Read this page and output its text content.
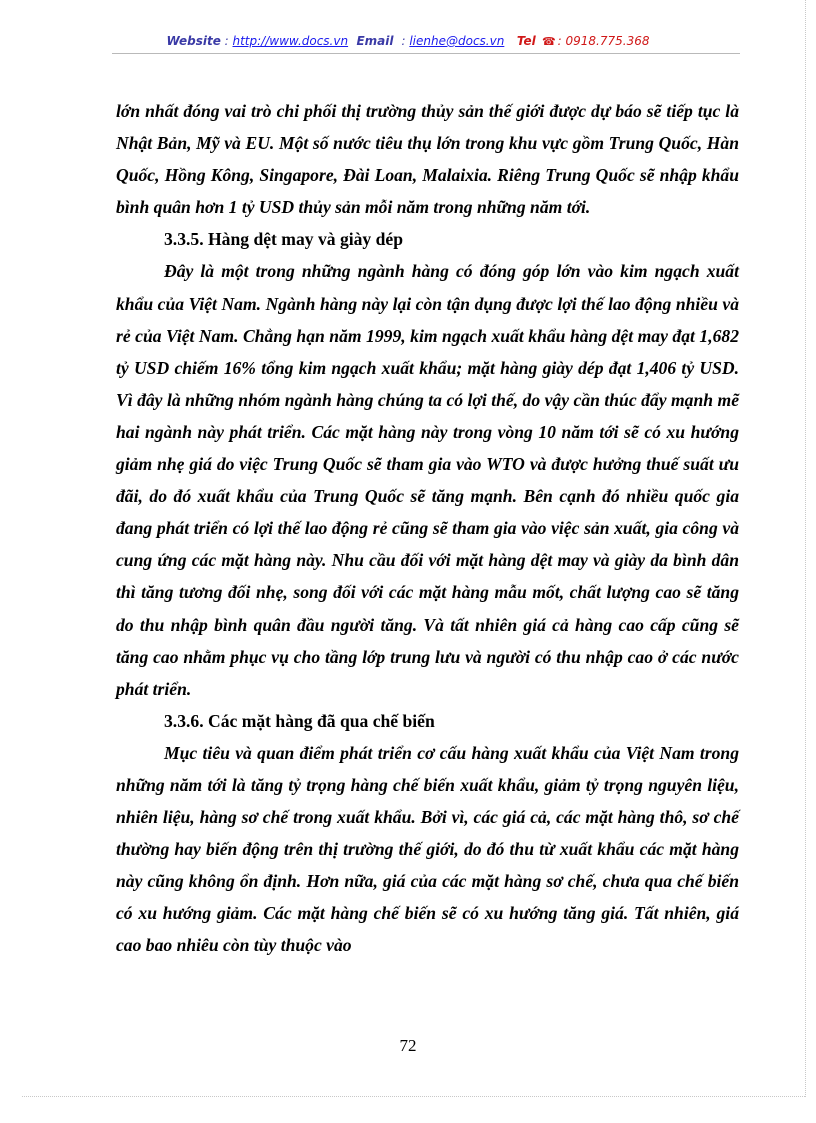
Website : http://www.docs.vn Email  : lienhe@docs.vn Tel ☎ : 0918.775.368

lớn nhất đóng vai trò chi phối thị trường thủy sản thế giới được dự báo sẽ tiếp tục là Nhật Bản, Mỹ và EU. Một số nước tiêu thụ lớn trong khu vực gồm Trung Quốc, Hàn Quốc, Hồng Kông, Singapore, Đài Loan, Malaixia. Riêng Trung Quốc sẽ nhập khẩu bình quân hơn 1 tỷ USD thủy sản mỗi năm trong những năm tới.

3.3.5. Hàng dệt may và giày dép

Đây là một trong những ngành hàng có đóng góp lớn vào kim ngạch xuất khẩu của Việt Nam. Ngành hàng này lại còn tận dụng được lợi thế lao động nhiều và rẻ của Việt Nam. Chẳng hạn năm 1999, kim ngạch xuất khẩu hàng dệt may đạt 1,682 tỷ USD chiếm 16% tổng kim ngạch xuất khẩu; mặt hàng giày dép đạt 1,406 tỷ USD. Vì đây là những nhóm ngành hàng chúng ta có lợi thế, do vậy cần thúc đẩy mạnh mẽ hai ngành này phát triển. Các mặt hàng này trong vòng 10 năm tới sẽ có xu hướng giảm nhẹ giá do việc Trung Quốc sẽ tham gia vào WTO và được hưởng thuế suất ưu đãi, do đó xuất khẩu của Trung Quốc sẽ tăng mạnh. Bên cạnh đó nhiều quốc gia đang phát triển có lợi thế lao động rẻ cũng sẽ tham gia vào việc sản xuất, gia công và cung ứng các mặt hàng này. Nhu cầu đối với mặt hàng dệt may và giày da bình dân thì tăng tương đối nhẹ, song đối với các mặt hàng mẫu mốt, chất lượng cao sẽ tăng do thu nhập bình quân đầu người tăng. Và tất nhiên giá cả hàng cao cấp cũng sẽ tăng cao nhằm phục vụ cho tầng lớp trung lưu và người có thu nhập cao ở các nước phát triển.

3.3.6. Các mặt hàng đã qua chế biến

Mục tiêu và quan điểm phát triển cơ cấu hàng xuất khẩu của Việt Nam trong những năm tới là tăng tỷ trọng hàng chế biến xuất khẩu, giảm tỷ trọng nguyên liệu, nhiên liệu, hàng sơ chế trong xuất khẩu. Bởi vì, các giá cả, các mặt hàng thô, sơ chế thường hay biến động trên thị trường thế giới, do đó thu từ xuất khẩu các mặt hàng này cũng không ổn định. Hơn nữa, giá của các mặt hàng sơ chế, chưa qua chế biến có xu hướng giảm. Các mặt hàng chế biến sẽ có xu hướng tăng giá. Tất nhiên, giá cao bao nhiêu còn tùy thuộc vào

72
